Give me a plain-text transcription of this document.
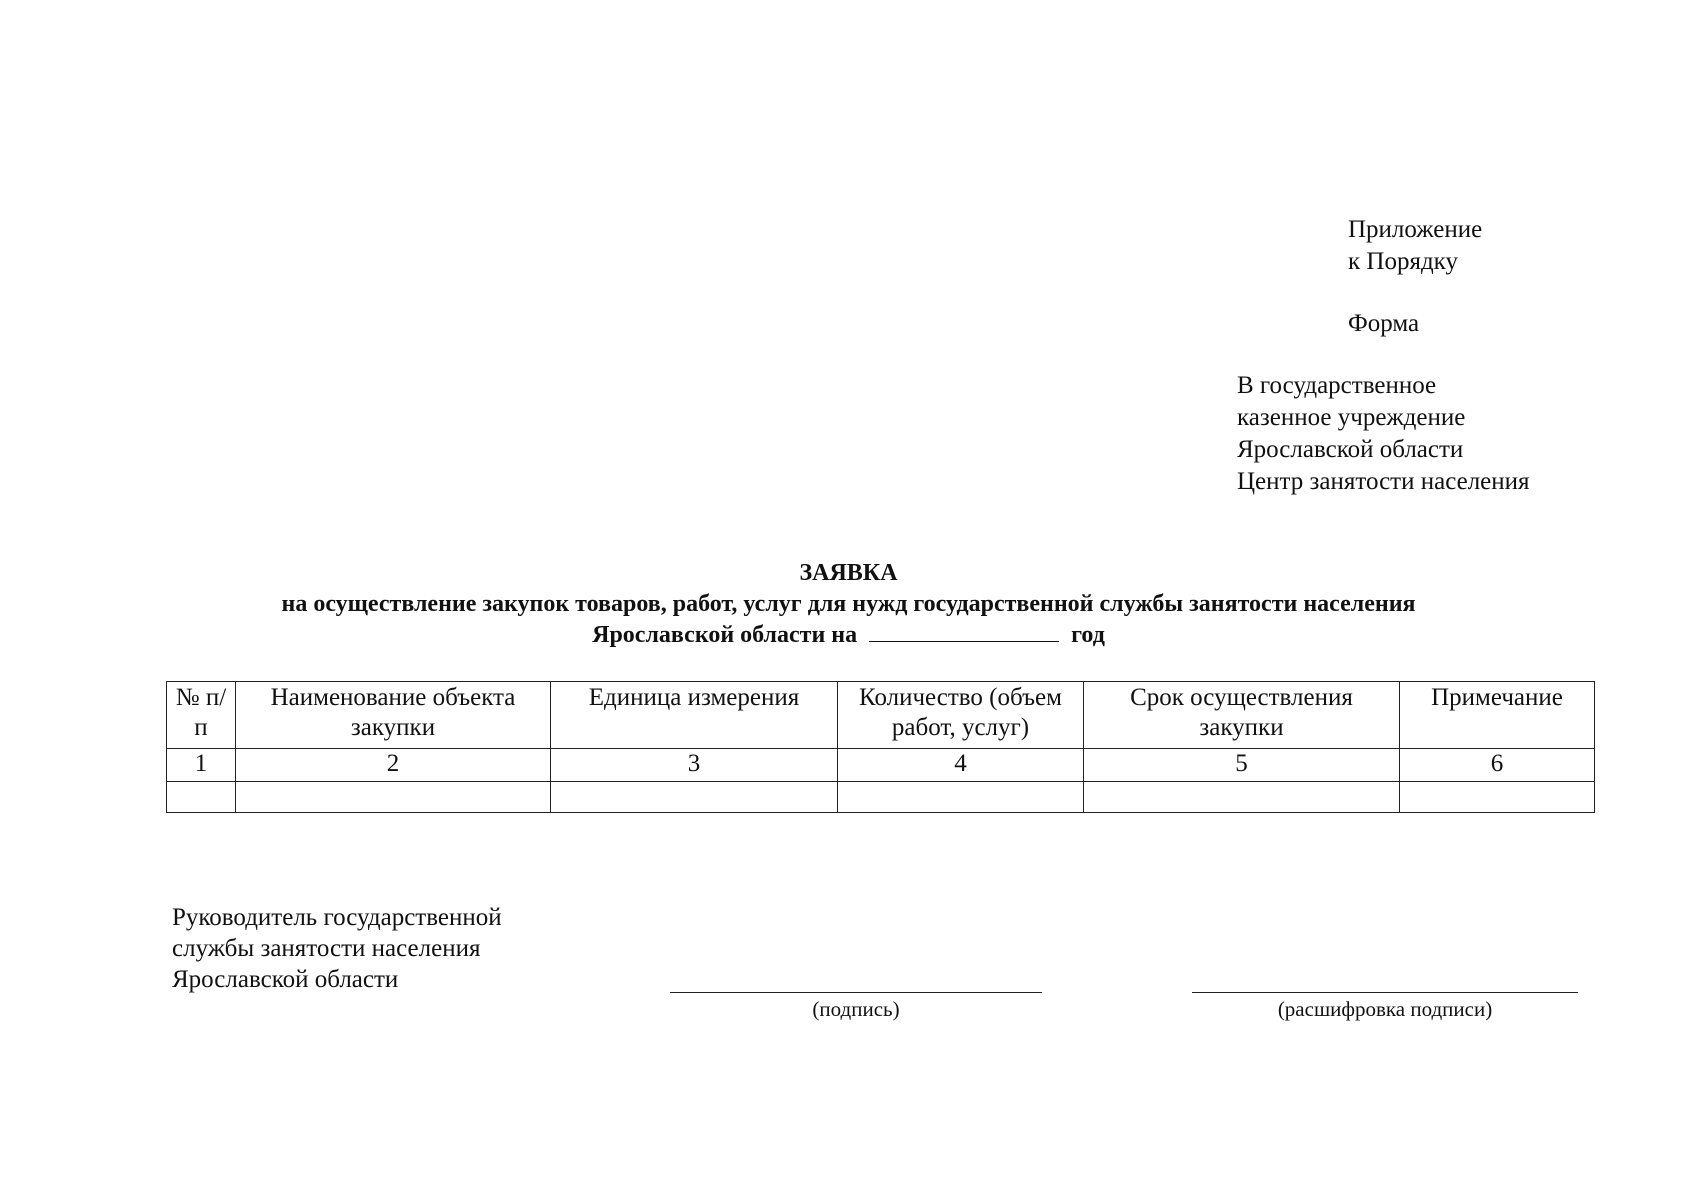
Приложение
к Порядку
Форма
В государственное
казенное учреждение
Ярославской области
Центр занятости населения
ЗАЯВКА
на осуществление закупок товаров, работ, услуг для нужд государственной службы занятости населения
Ярославской области на	год
№ п/п	Наименование объекта закупки	Единица измерения	Количество (объем работ, услуг)	Срок осуществления закупки	Примечание
1	2	3	4	5	6

Руководитель государственной
службы занятости населения
Ярославской области
(подпись)	(расшифровка подписи)
